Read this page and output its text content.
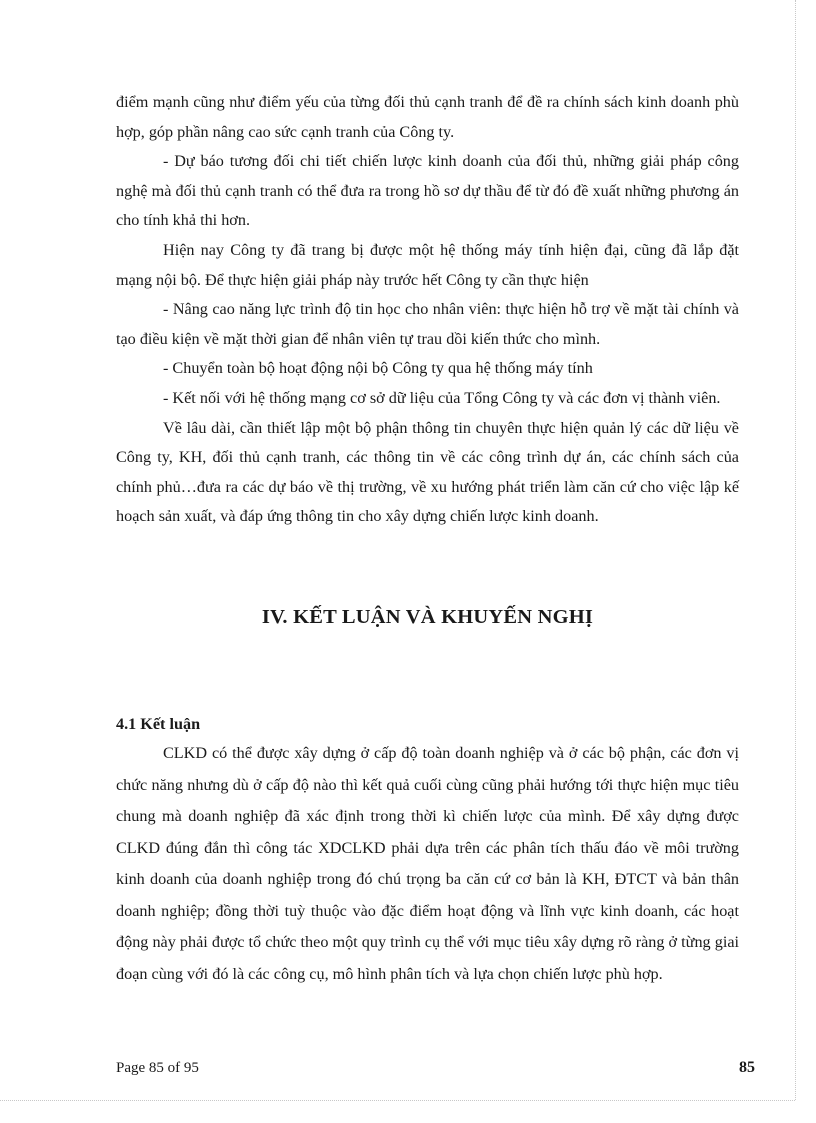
điểm mạnh cũng như điểm yếu của từng đối thủ cạnh tranh để đề ra chính sách kinh doanh phù hợp, góp phần nâng cao sức cạnh tranh của Công ty.

- Dự báo tương đối chi tiết chiến lược kinh doanh của đối thủ, những giải pháp công nghệ mà đối thủ cạnh tranh có thể đưa ra trong hồ sơ dự thầu để từ đó đề xuất những phương án cho tính khả thi hơn.

Hiện nay Công ty đã trang bị được một hệ thống máy tính hiện đại, cũng đã lắp đặt mạng nội bộ. Để thực hiện giải pháp này trước hết Công ty cần thực hiện

- Nâng cao năng lực trình độ tin học cho nhân viên: thực hiện hỗ trợ về mặt tài chính và tạo điều kiện về mặt thời gian để nhân viên tự trau dồi kiến thức cho mình.

- Chuyển toàn bộ hoạt động nội bộ Công ty qua hệ thống máy tính

- Kết nối với hệ thống mạng cơ sở dữ liệu của Tổng Công ty và các đơn vị thành viên.

Về lâu dài, cần thiết lập một bộ phận thông tin chuyên thực hiện quản lý các dữ liệu về Công ty, KH, đối thủ cạnh tranh, các thông tin về các công trình dự án, các chính sách của chính phủ…đưa ra các dự báo về thị trường, về xu hướng phát triển làm căn cứ cho việc lập kế hoạch sản xuất, và đáp ứng thông tin cho xây dựng chiến lược kinh doanh.

IV. KẾT LUẬN VÀ KHUYẾN NGHỊ
4.1 Kết luận

CLKD có thể được xây dựng ở cấp độ toàn doanh nghiệp và ở các bộ phận, các đơn vị chức năng nhưng dù ở cấp độ nào thì kết quả cuối cùng cũng phải hướng tới thực hiện mục tiêu chung mà doanh nghiệp đã xác định trong thời kì chiến lược của mình. Để xây dựng được CLKD đúng đắn thì công tác XDCLKD phải dựa trên các phân tích thấu đáo về môi trường kinh doanh của doanh nghiệp trong đó chú trọng ba căn cứ cơ bản là KH, ĐTCT và bản thân doanh nghiệp; đồng thời tuỳ thuộc vào đặc điểm hoạt động và lĩnh vực kinh doanh, các hoạt động này phải được tổ chức theo một quy trình cụ thể với mục tiêu xây dựng rõ ràng ở từng giai đoạn cùng với đó là các công cụ, mô hình phân tích và lựa chọn chiến lược phù hợp.

Page 85 of 95	85
